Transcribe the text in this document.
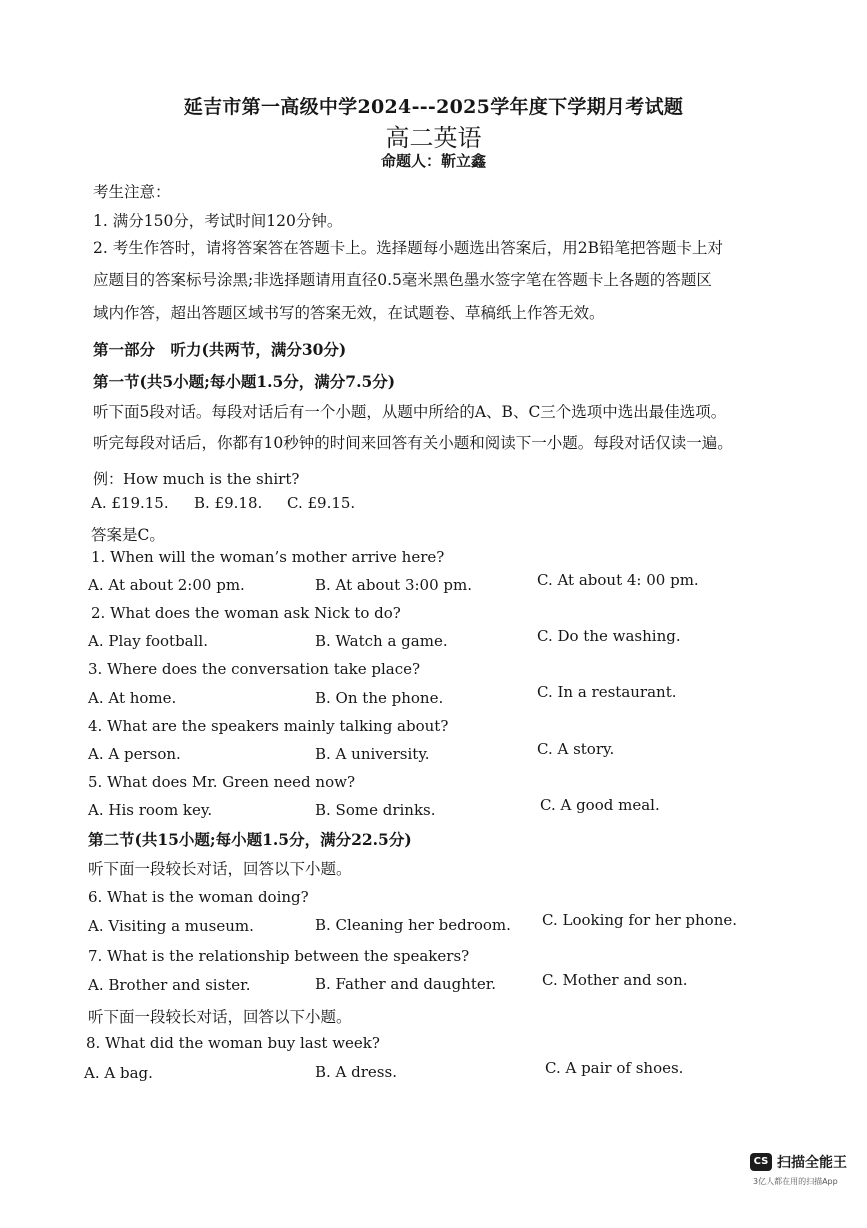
延吉市第一高级中学2024---2025学年度下学期月考试题
高二英语
命题人：靳立鑫
考生注意：
1. 满分150分，考试时间120分钟。
2. 考生作答时，请将答案答在答题卡上。选择题每小题选出答案后，用2B铅笔把答题卡上对
应题目的答案标号涂黑;非选择题请用直径0.5毫米黑色墨水签字笔在答题卡上各题的答题区
域内作答，超出答题区域书写的答案无效，在试题卷、草稿纸上作答无效。
第一部分　听力(共两节，满分30分)
第一节(共5小题;每小题1.5分，满分7.5分)
听下面5段对话。每段对话后有一个小题，从题中所给的A、B、C三个选项中选出最佳选项。
听完每段对话后，你都有10秒钟的时间来回答有关小题和阅读下一小题。每段对话仅读一遍。
例：How much is the shirt?
A. £19.15. B. £9.18. C. £9.15.
答案是C。
1. When will the woman’s mother arrive here?
A. At about 2:00 pm.	B. At about 3:00 pm.	C. At about 4: 00 pm.
2. What does the woman ask Nick to do?
A. Play football.	B. Watch a game.	C. Do the washing.
3. Where does the conversation take place?
A. At home.	B. On the phone.	C. In a restaurant.
4. What are the speakers mainly talking about?
A. A person.	B. A university.	C. A story.
5. What does Mr. Green need now?
A. His room key.	B. Some drinks.	C. A good meal.
第二节(共15小题;每小题1.5分，满分22.5分)
听下面一段较长对话，回答以下小题。
6. What is the woman doing?
A. Visiting a museum.	B. Cleaning her bedroom. C. Looking for her phone.
7. What is the relationship between the speakers?
A. Brother and sister.	B. Father and daughter.	C. Mother and son.
听下面一段较长对话，回答以下小题。
8. What did the woman buy last week?
A. A bag.	B. A dress.	C. A pair of shoes.
CS 扫描全能王
3亿人都在用的扫描App
